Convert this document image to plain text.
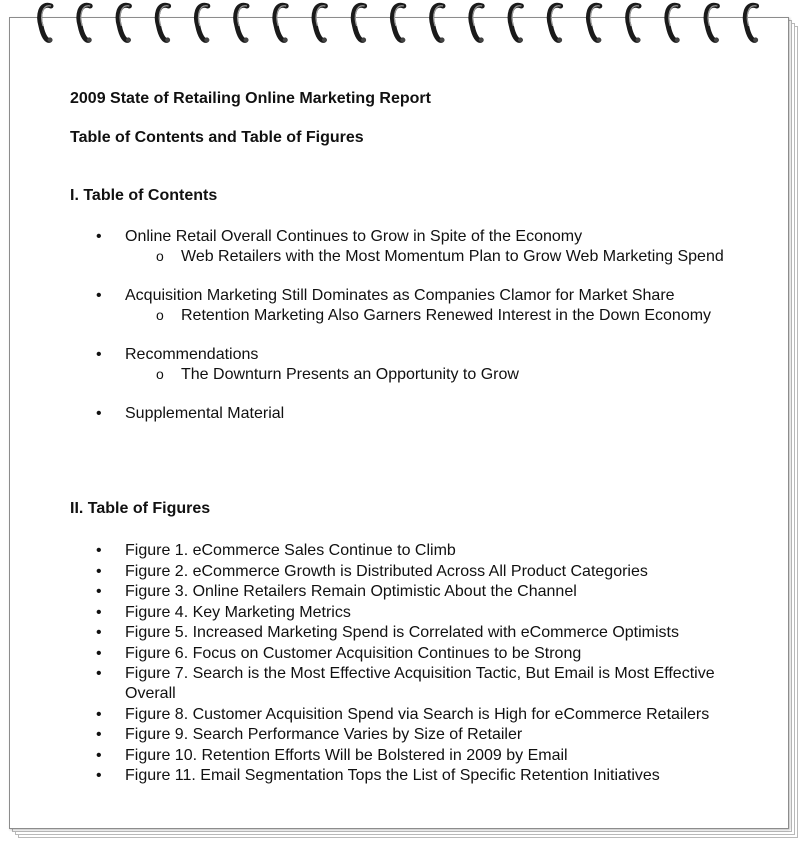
2009 State of Retailing Online Marketing Report
Table of Contents and Table of Figures
I. Table of Contents
•
Online Retail Overall Continues to Grow in Spite of the Economy
o Web Retailers with the Most Momentum Plan to Grow Web Marketing Spend
•
Acquisition Marketing Still Dominates as Companies Clamor for Market Share
o Retention Marketing Also Garners Renewed Interest in the Down Economy
•
Recommendations
o The Downturn Presents an Opportunity to Grow
•
Supplemental Material
II. Table of Figures
•
Figure 1. eCommerce Sales Continue to Climb
•
Figure 2. eCommerce Growth is Distributed Across All Product Categories
•
Figure 3. Online Retailers Remain Optimistic About the Channel
•
Figure 4. Key Marketing Metrics
•
Figure 5. Increased Marketing Spend is Correlated with eCommerce Optimists
•
Figure 6. Focus on Customer Acquisition Continues to be Strong
•
Figure 7. Search is the Most Effective Acquisition Tactic, But Email is Most Effective Overall
•
Figure 8. Customer Acquisition Spend via Search is High for eCommerce Retailers
•
Figure 9. Search Performance Varies by Size of Retailer
•
Figure 10. Retention Efforts Will be Bolstered in 2009 by Email
•
Figure 11. Email Segmentation Tops the List of Specific Retention Initiatives
